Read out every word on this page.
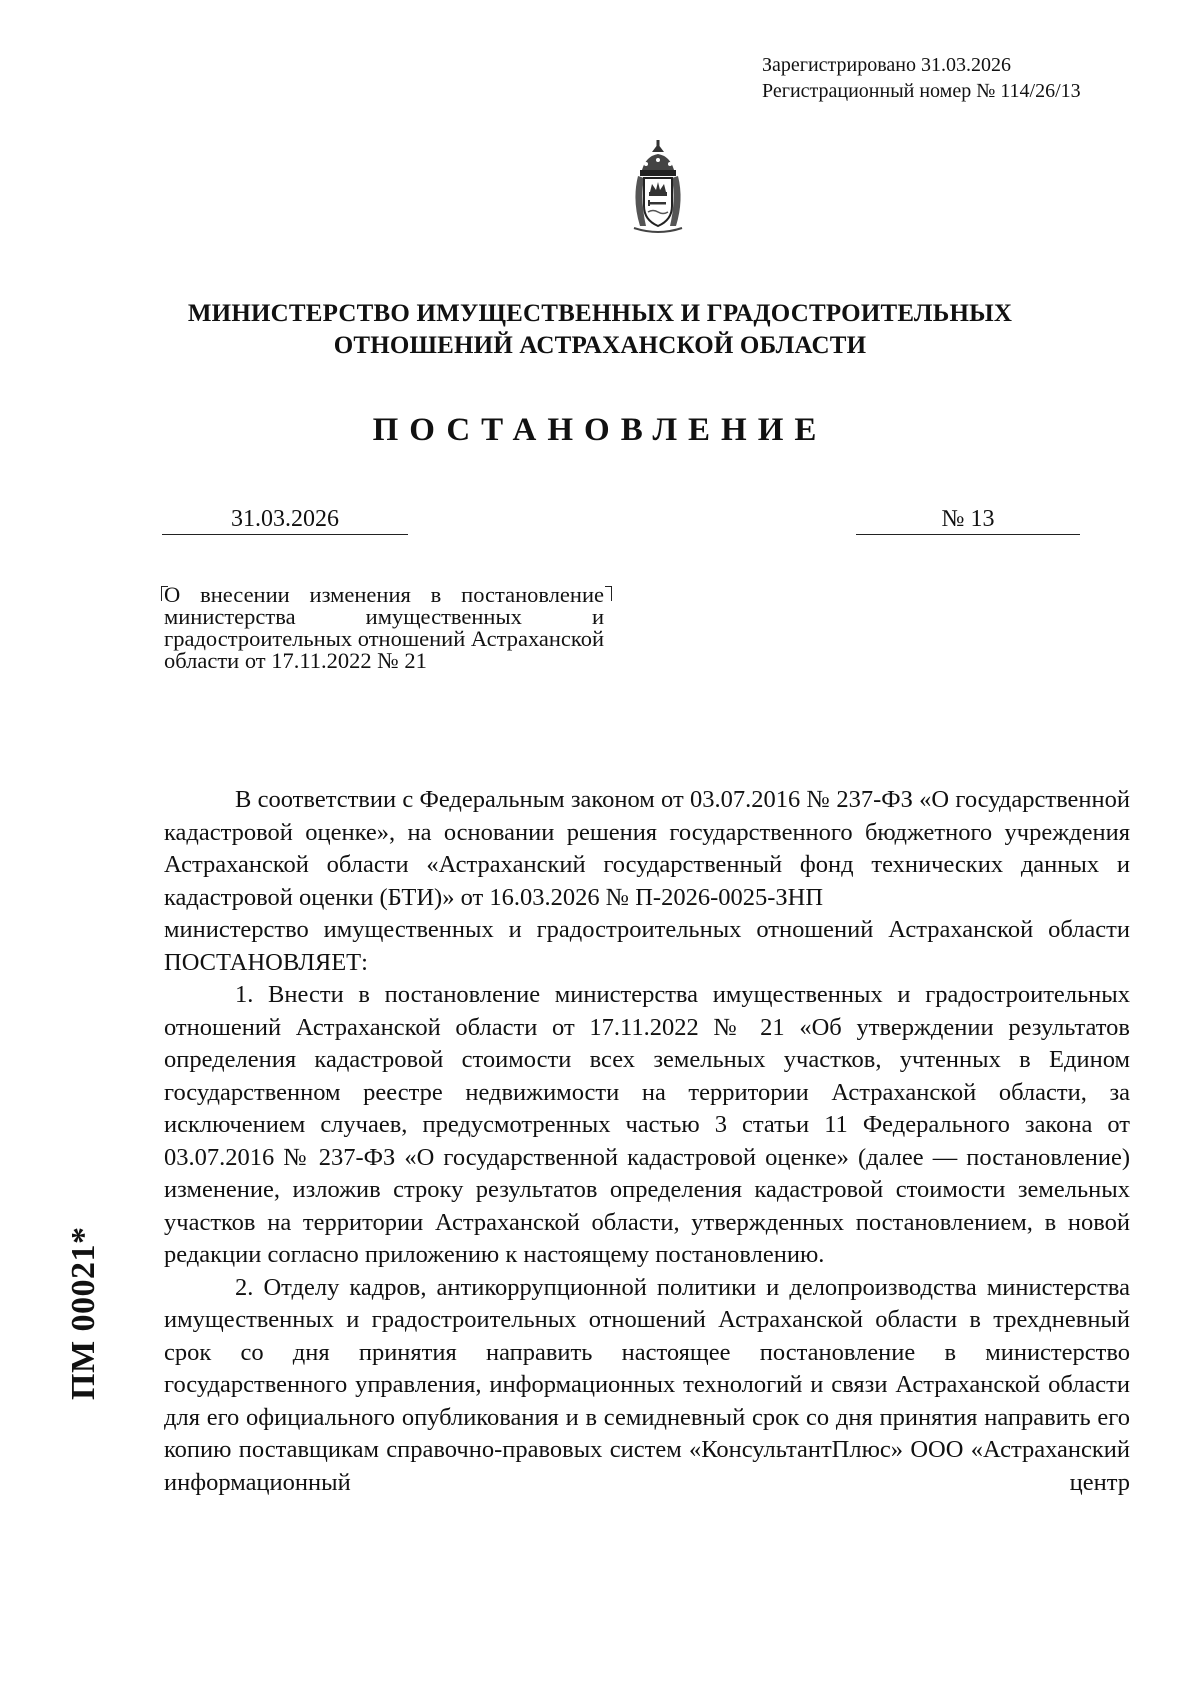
Зарегистрировано 31.03.2026
Регистрационный номер № 114/26/13
МИНИСТЕРСТВО ИМУЩЕСТВЕННЫХ И ГРАДОСТРОИТЕЛЬНЫХ
ОТНОШЕНИЙ АСТРАХАНСКОЙ ОБЛАСТИ
ПОСТАНОВЛЕНИЕ
31.03.2026	№ 13
О внесении изменения в постановление министерства имущественных и градостроительных отношений Астраханской области от 17.11.2022 № 21

В соответствии с Федеральным законом от 03.07.2016 № 237-ФЗ «О государственной кадастровой оценке», на основании решения государственного бюджетного учреждения Астраханской области «Астраханский государственный фонд технических данных и кадастровой оценки (БТИ)» от 16.03.2026 № П-2026-0025-ЗНП

министерство имущественных и градостроительных отношений Астраханской области ПОСТАНОВЛЯЕТ:

1. Внести в постановление министерства имущественных и градостроительных отношений Астраханской области от 17.11.2022 № 21 «Об утверждении результатов определения кадастровой стоимости всех земельных участков, учтенных в Едином государственном реестре недвижимости на территории Астраханской области, за исключением случаев, предусмотренных частью 3 статьи 11 Федерального закона от 03.07.2016 № 237-ФЗ «О государственной кадастровой оценке» (далее — постановление) изменение, изложив строку результатов определения кадастровой стоимости земельных участков на территории Астраханской области, утвержденных постановлением, в новой редакции согласно приложению к настоящему постановлению.

2. Отделу кадров, антикоррупционной политики и делопроизводства министерства имущественных и градостроительных отношений Астраханской области в трехдневный срок со дня принятия направить настоящее постановление в министерство государственного управления, информационных технологий и связи Астраханской области для его официального опубликования и в семидневный срок со дня принятия направить его копию поставщикам справочно-правовых систем «КонсультантПлюс» ООО «Астраханский информационный центр

ПМ 00021*
